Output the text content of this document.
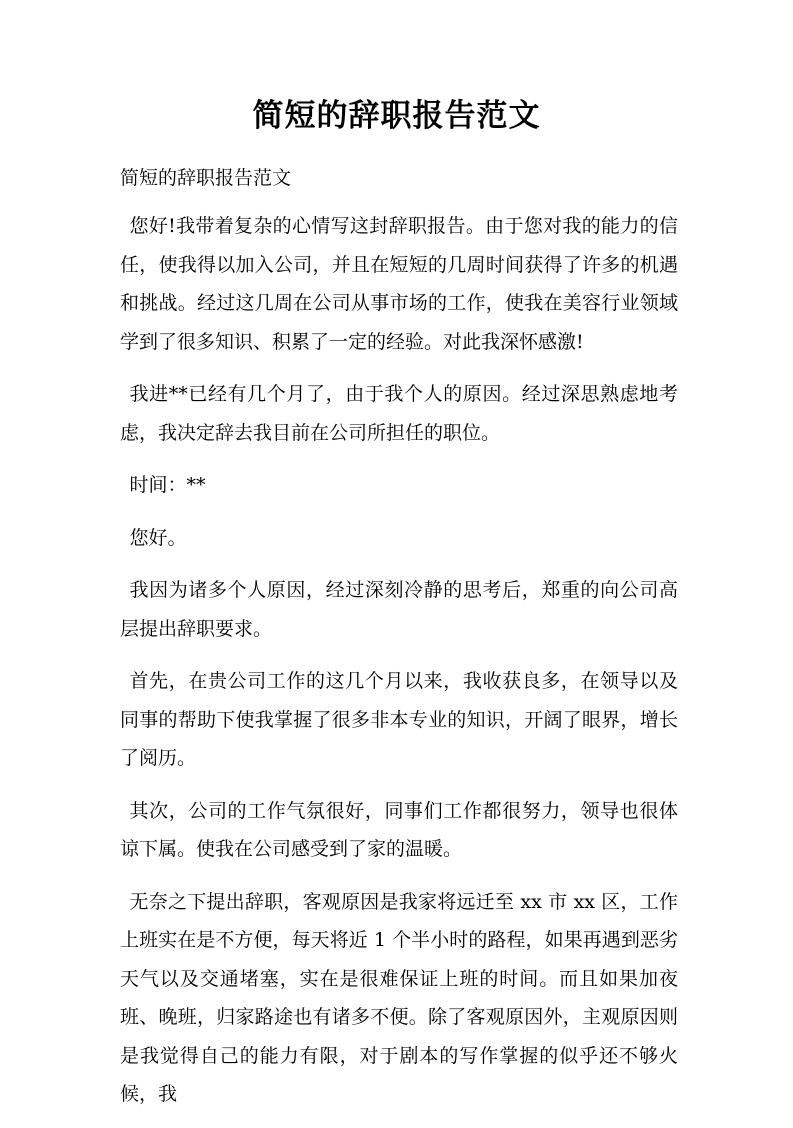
简短的辞职报告范文

简短的辞职报告范文

您好!我带着复杂的心情写这封辞职报告。由于您对我的能力的信任，使我得以加入公司，并且在短短的几周时间获得了许多的机遇和挑战。经过这几周在公司从事市场的工作，使我在美容行业领域学到了很多知识、积累了一定的经验。对此我深怀感激!

我进**已经有几个月了，由于我个人的原因。经过深思熟虑地考虑，我决定辞去我目前在公司所担任的职位。

时间：**

您好。

我因为诸多个人原因，经过深刻冷静的思考后，郑重的向公司高层提出辞职要求。

首先，在贵公司工作的这几个月以来，我收获良多，在领导以及同事的帮助下使我掌握了很多非本专业的知识，开阔了眼界，增长了阅历。

其次，公司的工作气氛很好，同事们工作都很努力，领导也很体谅下属。使我在公司感受到了家的温暖。

无奈之下提出辞职，客观原因是我家将远迁至 xx 市 xx 区，工作上班实在是不方便，每天将近 1 个半小时的路程，如果再遇到恶劣天气以及交通堵塞，实在是很难保证上班的时间。而且如果加夜班、晚班，归家路途也有诸多不便。除了客观原因外，主观原因则是我觉得自己的能力有限，对于剧本的写作掌握的似乎还不够火候，我
